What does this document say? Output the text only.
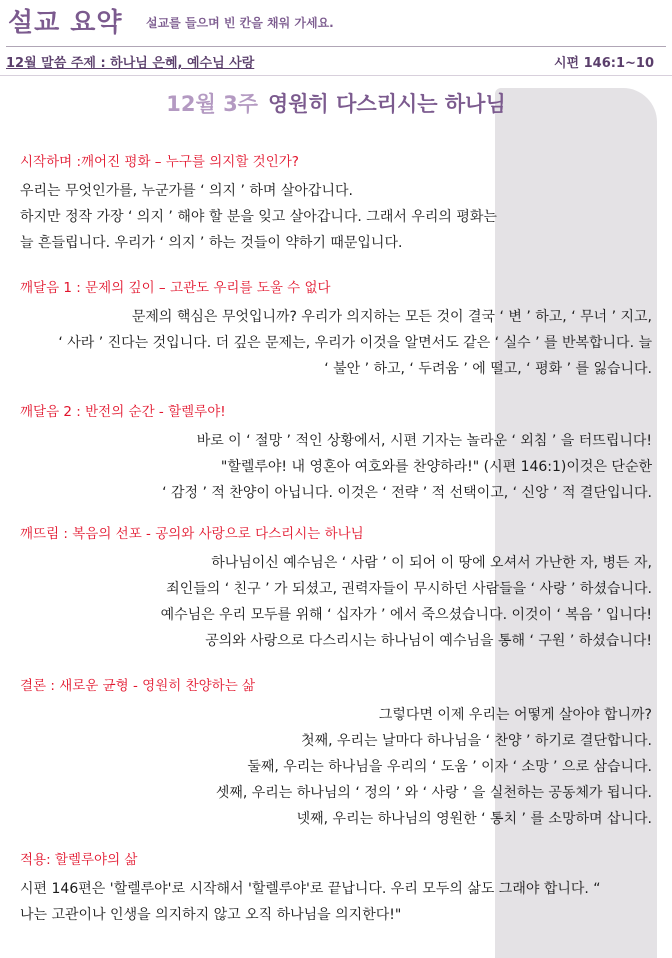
설교 요약 설교를 들으며 빈 칸을 채워 가세요.
12월 말씀 주제 : 하나님 은혜, 예수님 사랑	시편 146:1~10
12월 3주 영원히 다스리시는 하나님
시작하며 :깨어진 평화 – 누구를 의지할 것인가?
우리는 무엇인가를, 누군가를 ‘ 의지 ’ 하며 살아갑니다.
하지만 정작 가장 ‘ 의지 ’ 해야 할 분을 잊고 살아갑니다. 그래서 우리의 평화는
늘 흔들립니다. 우리가 ‘ 의지 ’ 하는 것들이 약하기 때문입니다.
깨달음 1 : 문제의 깊이 – 고관도 우리를 도울 수 없다
문제의 핵심은 무엇입니까? 우리가 의지하는 모든 것이 결국 ‘ 변 ’ 하고, ‘ 무너 ’ 지고,
‘ 사라 ’ 진다는 것입니다. 더 깊은 문제는, 우리가 이것을 알면서도 같은 ‘ 실수 ’ 를 반복합니다. 늘
‘ 불안 ’ 하고, ‘ 두려움 ’ 에 떨고, ‘ 평화 ’ 를 잃습니다.
깨달음 2 : 반전의 순간 - 할렐루야!
바로 이 ‘ 절망 ’ 적인 상황에서, 시편 기자는 놀라운 ‘ 외침 ’ 을 터뜨립니다!
"할렐루야! 내 영혼아 여호와를 찬양하라!" (시편 146:1)이것은 단순한
‘ 감정 ’ 적 찬양이 아닙니다. 이것은 ‘ 전략 ’ 적 선택이고, ‘ 신앙 ’ 적 결단입니다.
깨뜨림 : 복음의 선포 - 공의와 사랑으로 다스리시는 하나님
하나님이신 예수님은 ‘ 사람 ’ 이 되어 이 땅에 오셔서 가난한 자, 병든 자,
죄인들의 ‘ 친구 ’ 가 되셨고, 권력자들이 무시하던 사람들을 ‘ 사랑 ’ 하셨습니다.
예수님은 우리 모두를 위해 ‘ 십자가 ’ 에서 죽으셨습니다. 이것이 ‘ 복음 ’ 입니다!
공의와 사랑으로 다스리시는 하나님이 예수님을 통해 ‘ 구원 ’ 하셨습니다!
결론 : 새로운 균형 - 영원히 찬양하는 삶
그렇다면 이제 우리는 어떻게 살아야 합니까?
첫째, 우리는 날마다 하나님을 ‘ 찬양 ’ 하기로 결단합니다.
둘째, 우리는 하나님을 우리의 ‘ 도움 ’ 이자 ‘ 소망 ’ 으로 삼습니다.
셋째, 우리는 하나님의 ‘ 정의 ’ 와 ‘ 사랑 ’ 을 실천하는 공동체가 됩니다.
넷째, 우리는 하나님의 영원한 ‘ 통치 ’ 를 소망하며 삽니다.
적용: 할렐루야의 삶
시편 146편은 '할렐루야'로 시작해서 '할렐루야'로 끝납니다. 우리 모두의 삶도 그래야 합니다. “
나는 고관이나 인생을 의지하지 않고 오직 하나님을 의지한다!"
